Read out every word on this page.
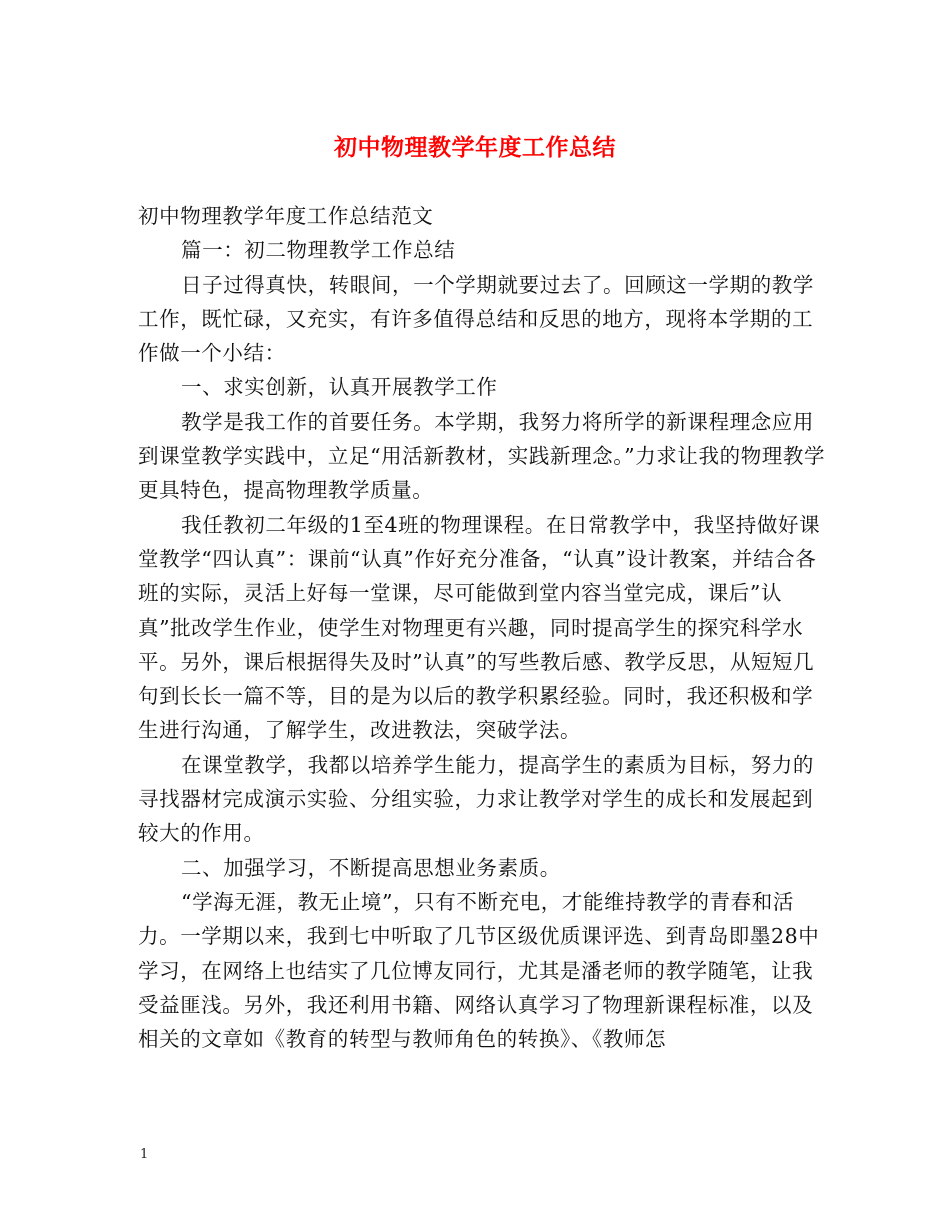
初中物理教学年度工作总结

初中物理教学年度工作总结范文

篇一：初二物理教学工作总结

日子过得真快，转眼间，一个学期就要过去了。回顾这一学期的教学工作，既忙碌，又充实，有许多值得总结和反思的地方，现将本学期的工作做一个小结：

一、求实创新，认真开展教学工作

教学是我工作的首要任务。本学期，我努力将所学的新课程理念应用到课堂教学实践中，立足“用活新教材，实践新理念。”力求让我的物理教学更具特色，提高物理教学质量。

我任教初二年级的1至4班的物理课程。在日常教学中，我坚持做好课堂教学“四认真”：课前“认真”作好充分准备，“认真”设计教案，并结合各班的实际，灵活上好每一堂课，尽可能做到堂内容当堂完成，课后”认真”批改学生作业，使学生对物理更有兴趣，同时提高学生的探究科学水平。另外，课后根据得失及时”认真”的写些教后感、教学反思，从短短几句到长长一篇不等，目的是为以后的教学积累经验。同时，我还积极和学生进行沟通，了解学生，改进教法，突破学法。

在课堂教学，我都以培养学生能力，提高学生的素质为目标，努力的寻找器材完成演示实验、分组实验，力求让教学对学生的成长和发展起到较大的作用。

二、加强学习，不断提高思想业务素质。

“学海无涯，教无止境”，只有不断充电，才能维持教学的青春和活力。一学期以来，我到七中听取了几节区级优质课评选、到青岛即墨28中学习，在网络上也结实了几位博友同行，尤其是潘老师的教学随笔，让我受益匪浅。另外，我还利用书籍、网络认真学习了物理新课程标准，以及相关的文章如《教育的转型与教师角色的转换》、《教师怎

1
